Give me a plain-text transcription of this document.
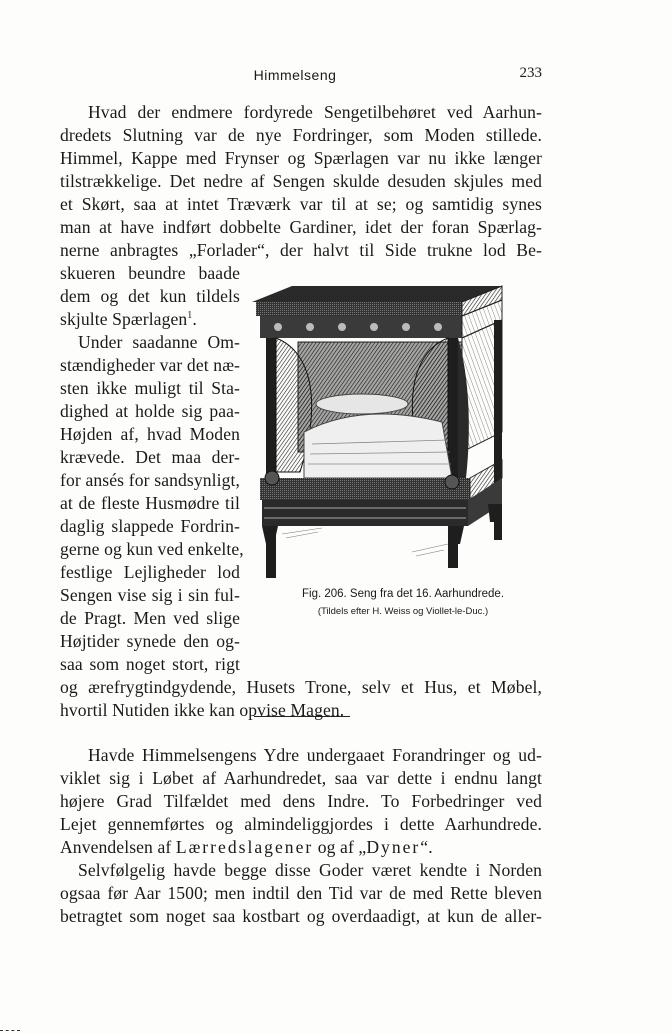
Himmelseng	233
Hvad der endmere fordyrede Sengetilbehøret ved Aarhun-
dredets Slutning var de nye Fordringer, som Moden stillede.
Himmel, Kappe med Frynser og Spærlagen var nu ikke længer
tilstrækkelige. Det nedre af Sengen skulde desuden skjules med
et Skørt, saa at intet Træværk var til at se; og samtidig synes
man at have indført dobbelte Gardiner, idet der foran Spærlag-
nerne anbragtes „Forlader“, der halvt til Side trukne lod Be-
skueren beundre baade
dem og det kun tildels
skjulte Spærlagen$^1$.
Under saadanne Om-
stændigheder var det næ-
sten ikke muligt til Sta-
dighed at holde sig paa-
Højden af, hvad Moden
krævede. Det maa der-
for ansés for sandsynligt,
at de fleste Husmødre til
daglig slappede Fordrin-
gerne og kun ved enkelte,
festlige Lejligheder lod
Sengen vise sig i sin ful-
de Pragt. Men ved slige
Højtider synede den og-
saa som noget stort, rigt
og ærefrygtindgydende, Husets Trone, selv et Hus, et Møbel,
hvortil Nutiden ikke kan opvise Magen.
Fig. 206. Seng fra det 16. Aarhundrede.
(Tildels efter H. Weiss og Viollet-le-Duc.)
Havde Himmelsengens Ydre undergaaet Forandringer og ud-
viklet sig i Løbet af Aarhundredet, saa var dette i endnu langt
højere Grad Tilfældet med dens Indre. To Forbedringer ved
Lejet gennemførtes og almindeliggjordes i dette Aarhundrede.
Anvendelsen af Lærredslagener og af „Dyner“.
Selvfølgelig havde begge disse Goder været kendte i Norden
ogsaa før Aar 1500; men indtil den Tid var de med Rette bleven
betragtet som noget saa kostbart og overdaadigt, at kun de aller-
